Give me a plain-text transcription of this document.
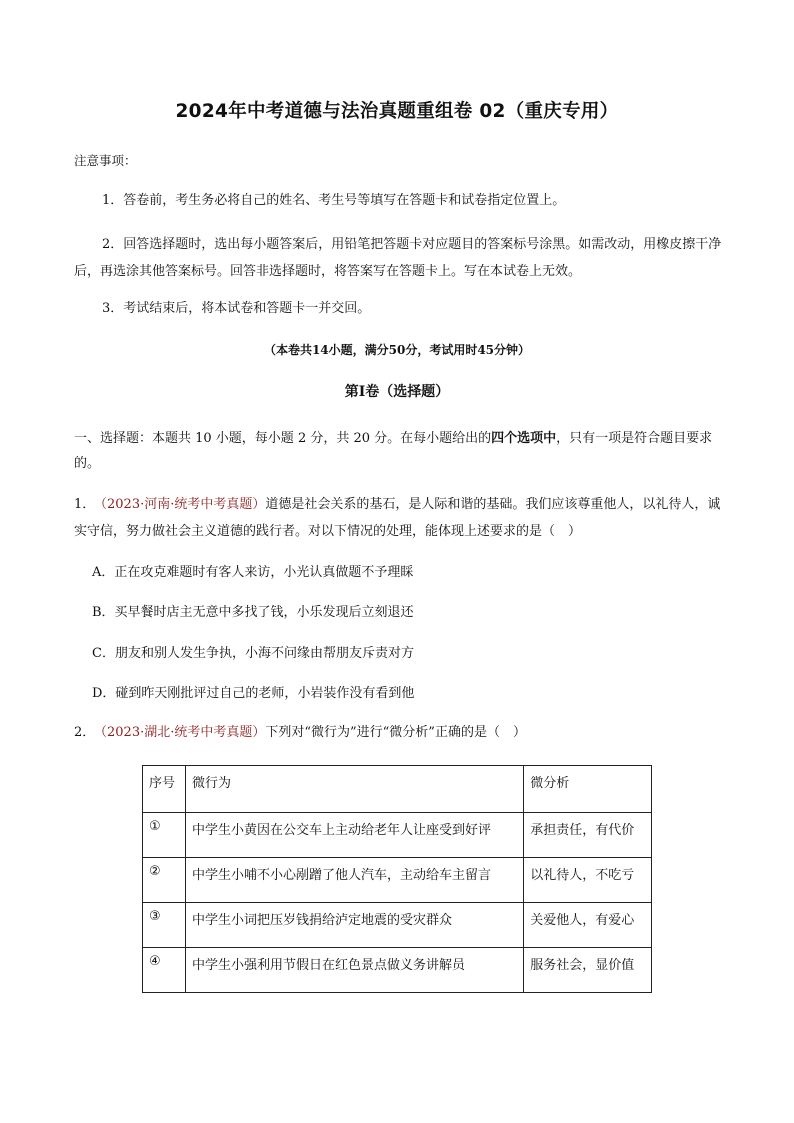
2024年中考道德与法治真题重组卷 02（重庆专用）
注意事项：
1．答卷前，考生务必将自己的姓名、考生号等填写在答题卡和试卷指定位置上。
2．回答选择题时，选出每小题答案后，用铅笔把答题卡对应题目的答案标号涂黑。如需改动，用橡皮擦干净后，再选涂其他答案标号。回答非选择题时，将答案写在答题卡上。写在本试卷上无效。
3．考试结束后，将本试卷和答题卡一并交回。
（本卷共14小题，满分50分，考试用时45分钟）
第Ⅰ卷（选择题）
一、选择题：本题共 10 小题，每小题 2 分，共 20 分。在每小题给出的四个选项中，只有一项是符合题目要求的。
1．（2023·河南·统考中考真题）道德是社会关系的基石，是人际和谐的基础。我们应该尊重他人，以礼待人，诚实守信，努力做社会主义道德的践行者。对以下情况的处理，能体现上述要求的是（　）
A．正在攻克难题时有客人来访，小光认真做题不予理睬
B．买早餐时店主无意中多找了钱，小乐发现后立刻退还
C．朋友和别人发生争执，小海不问缘由帮朋友斥责对方
D．碰到昨天刚批评过自己的老师，小岩装作没有看到他
2．（2023·湖北·统考中考真题）下列对“微行为”进行“微分析”正确的是（　）
序号	微行为	微分析
①	中学生小黄因在公交车上主动给老年人让座受到好评	承担责任，有代价
②	中学生小哺不小心剐蹭了他人汽车，主动给车主留言	以礼待人，不吃亏
③	中学生小词把压岁钱捐给泸定地震的受灾群众	关爱他人，有爱心
④	中学生小强利用节假日在红色景点做义务讲解员	服务社会，显价值
